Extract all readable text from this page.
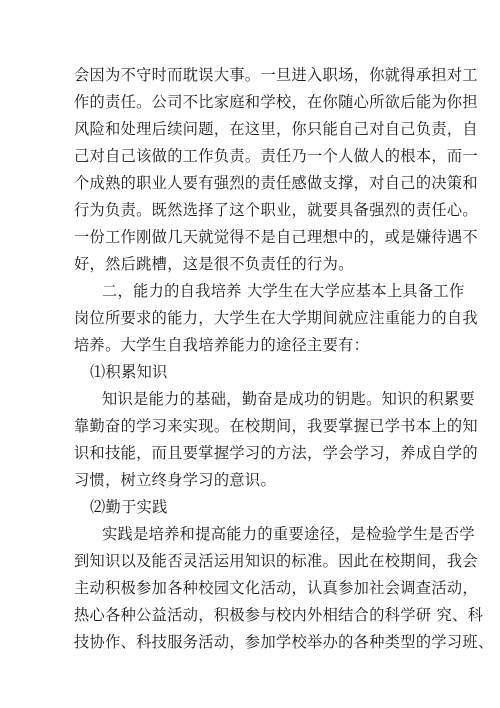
会因为不守时而耽误大事。一旦进入职场，你就得承担对工
作的责任。公司不比家庭和学校，在你随心所欲后能为你担
风险和处理后续问题，在这里，你只能自己对自己负责，自
己对自己该做的工作负责。责任乃一个人做人的根本，而一
个成熟的职业人要有强烈的责任感做支撑，对自己的决策和
行为负责。既然选择了这个职业，就要具备强烈的责任心。
一份工作刚做几天就觉得不是自己理想中的，或是嫌待遇不
好，然后跳槽，这是很不负责任的行为。
二，能力的自我培养 大学生在大学应基本上具备工作
岗位所要求的能力，大学生在大学期间就应注重能力的自我
培养。大学生自我培养能力的途径主要有：
⑴积累知识
知识是能力的基础，勤奋是成功的钥匙。知识的积累要
靠勤奋的学习来实现。在校期间，我要掌握已学书本上的知
识和技能，而且要掌握学习的方法，学会学习，养成自学的
习惯，树立终身学习的意识。
⑵勤于实践
实践是培养和提高能力的重要途径，是检验学生是否学
到知识以及能否灵活运用知识的标准。因此在校期间，我会
主动积极参加各种校园文化活动，认真参加社会调查活动，
热心各种公益活动，积极参与校内外相结合的科学研 究、科
技协作、科技服务活动，参加学校举办的各种类型的学习班、
